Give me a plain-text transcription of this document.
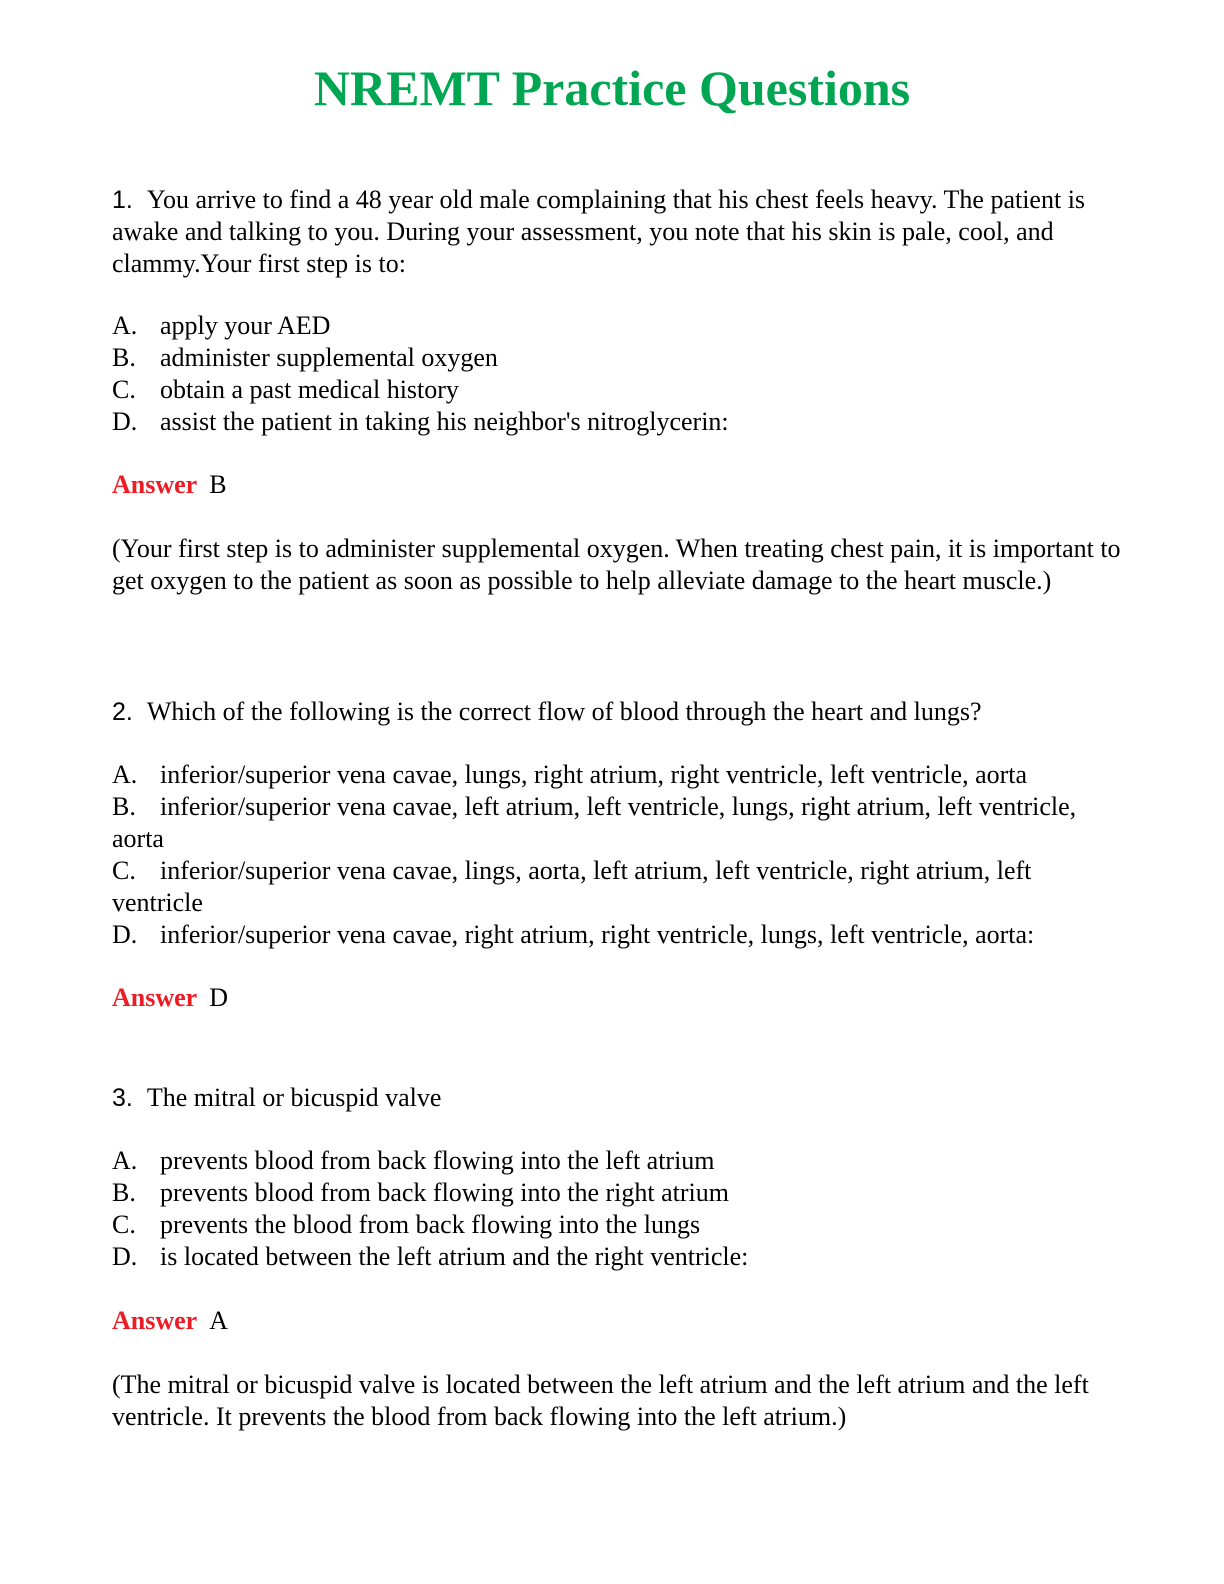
NREMT Practice Questions
1. You arrive to find a 48 year old male complaining that his chest feels heavy. The patient is awake and talking to you. During your assessment, you note that his skin is pale, cool, and clammy.Your first step is to:
A. apply your AED
B. administer supplemental oxygen
C. obtain a past medical history
D. assist the patient in taking his neighbor's nitroglycerin:
Answer B
(Your first step is to administer supplemental oxygen. When treating chest pain, it is important to get oxygen to the patient as soon as possible to help alleviate damage to the heart muscle.)
2. Which of the following is the correct flow of blood through the heart and lungs?
A. inferior/superior vena cavae, lungs, right atrium, right ventricle, left ventricle, aorta
B. inferior/superior vena cavae, left atrium, left ventricle, lungs, right atrium, left ventricle, aorta
C. inferior/superior vena cavae, lings, aorta, left atrium, left ventricle, right atrium, left ventricle
D. inferior/superior vena cavae, right atrium, right ventricle, lungs, left ventricle, aorta:
Answer D
3. The mitral or bicuspid valve
A. prevents blood from back flowing into the left atrium
B. prevents blood from back flowing into the right atrium
C. prevents the blood from back flowing into the lungs
D. is located between the left atrium and the right ventricle:
Answer A
(The mitral or bicuspid valve is located between the left atrium and the left atrium and the left ventricle. It prevents the blood from back flowing into the left atrium.)
